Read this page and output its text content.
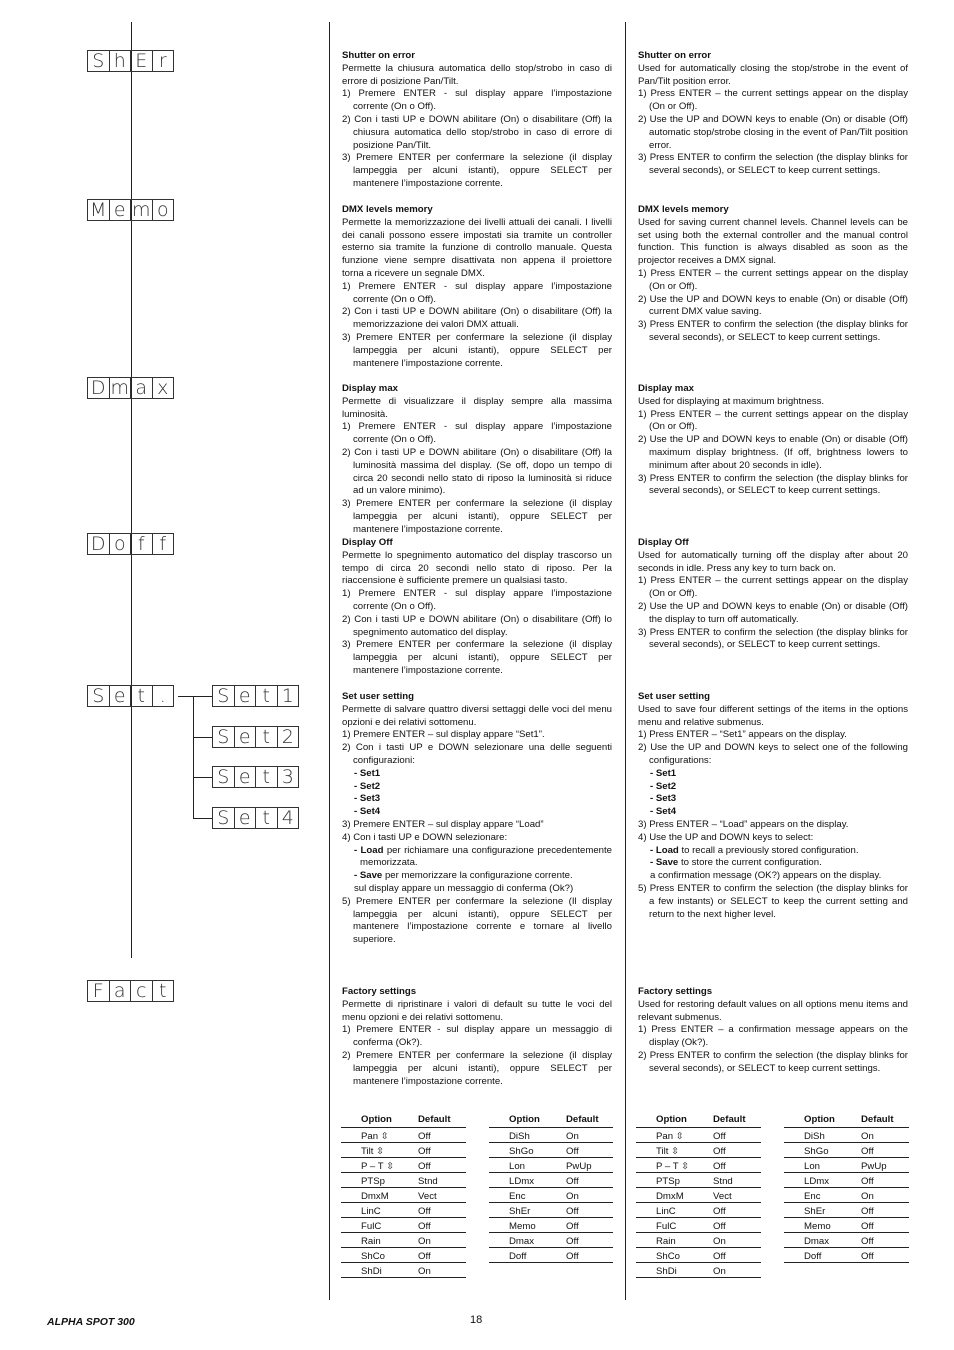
S h E r
M e m o
D m a x
D o f f
S e t .	S e t 1
S e t 2
S e t 3
S e t 4
F a c t
Shutter on error
Permette la chiusura automatica dello stop/strobo in caso di errore di posizione Pan/Tilt.
1) Premere ENTER - sul display appare l’impostazione corrente (On o Off).
2) Con i tasti UP e DOWN abilitare (On) o disabilitare (Off) la chiusura automatica dello stop/strobo in caso di errore di posizione Pan/Tilt.
3) Premere ENTER per confermare la selezione (il display lampeggia per alcuni istanti), oppure SELECT per mantenere l’impostazione corrente.
DMX levels memory
Permette la memorizzazione dei livelli attuali dei canali. I livelli dei canali possono essere impostati sia tramite un controller esterno sia tramite la funzione di controllo manuale. Questa funzione viene sempre disattivata non appena il proiettore torna a ricevere un segnale DMX.
1) Premere ENTER - sul display appare l’impostazione corrente (On o Off).
2) Con i tasti UP e DOWN abilitare (On) o disabilitare (Off) la memorizzazione dei valori DMX attuali.
3) Premere ENTER per confermare la selezione (il display lampeggia per alcuni istanti), oppure SELECT per mantenere l’impostazione corrente.
Display max
Permette di visualizzare il display sempre alla massima luminosità.
1) Premere ENTER - sul display appare l’impostazione corrente (On o Off).
2) Con i tasti UP e DOWN abilitare (On) o disabilitare (Off) la luminosità massima del display. (Se off, dopo un tempo di circa 20 secondi nello stato di riposo la luminosità si riduce ad un valore minimo).
3) Premere ENTER per confermare la selezione (il display lampeggia per alcuni istanti), oppure SELECT per mantenere l’impostazione corrente.
Display Off
Permette lo spegnimento automatico del display trascorso un tempo di circa 20 secondi nello stato di riposo. Per la riaccensione è sufficiente premere un qualsiasi tasto.
1) Premere ENTER - sul display appare l’impostazione corrente (On o Off).
2) Con i tasti UP e DOWN abilitare (On) o disabilitare (Off) lo spegnimento automatico del display.
3) Premere ENTER per confermare la selezione (il display lampeggia per alcuni istanti), oppure SELECT per mantenere l’impostazione corrente.
Set user setting
Permette di salvare quattro diversi settaggi delle voci del menu opzioni e dei relativi sottomenu.
1) Premere ENTER – sul display appare “Set1”.
2) Con i tasti UP e DOWN selezionare una delle seguenti configurazioni:
- Set1
- Set2
- Set3
- Set4
3) Premere ENTER – sul display appare “Load”
4) Con i tasti UP e DOWN selezionare:
- Load per richiamare una configurazione precedentemente memorizzata.
- Save per memorizzare la configurazione corrente.
sul display appare un messaggio di conferma (Ok?)
5) Premere ENTER per confermare la selezione (Il display lampeggia per alcuni istanti), oppure SELECT per mantenere l’impostazione corrente e tornare al livello superiore.
Factory settings
Permette di ripristinare i valori di default su tutte le voci del menu opzioni e dei relativi sottomenu.
1) Premere ENTER - sul display appare un messaggio di conferma (Ok?).
2) Premere ENTER per confermare la selezione (il display lampeggia per alcuni istanti), oppure SELECT per mantenere l’impostazione corrente.
Shutter on error
Used for automatically closing the stop/strobe in the event of Pan/Tilt position error.
1) Press ENTER – the current settings appear on the display (On or Off).
2) Use the UP and DOWN keys to enable (On) or disable (Off) automatic stop/strobe closing in the event of Pan/Tilt position error.
3) Press ENTER to confirm the selection (the display blinks for several seconds), or SELECT to keep current settings.
DMX levels memory
Used for saving current channel levels. Channel levels can be set using both the external controller and the manual control function. This function is always disabled as soon as the projector receives a DMX signal.
1) Press ENTER – the current settings appear on the display (On or Off).
2) Use the UP and DOWN keys to enable (On) or disable (Off) current DMX value saving.
3) Press ENTER to confirm the selection (the display blinks for several seconds), or SELECT to keep current settings.
Display max
Used for displaying at maximum brightness.
1) Press ENTER – the current settings appear on the display (On or Off).
2) Use the UP and DOWN keys to enable (On) or disable (Off) maximum display brightness. (If off, brightness lowers to minimum after about 20 seconds in idle).
3) Press ENTER to confirm the selection (the display blinks for several seconds), or SELECT to keep current settings.
Display Off
Used for automatically turning off the display after about 20 seconds in idle. Press any key to turn back on.
1) Press ENTER – the current settings appear on the display (On or Off).
2) Use the UP and DOWN keys to enable (On) or disable (Off) the display to turn off automatically.
3) Press ENTER to confirm the selection (the display blinks for several seconds), or SELECT to keep current settings.
Set user setting
Used to save four different settings of the items in the options menu and relative submenus.
1) Press ENTER – “Set1” appears on the display.
2) Use the UP and DOWN keys to select one of the following configurations:
- Set1
- Set2
- Set3
- Set4
3) Press ENTER – “Load” appears on the display.
4) Use the UP and DOWN keys to select:
- Load to recall a previously stored configuration.
- Save to store the current configuration.
a confirmation message (OK?) appears on the display.
5) Press ENTER to confirm the selection (the display blinks for a few instants) or SELECT to keep the current setting and return to the next higher level.
Factory settings
Used for restoring default values on all options menu items and relevant submenus.
1) Press ENTER – a confirmation message appears on the display (Ok?).
2) Press ENTER to confirm the selection (the display blinks for several seconds), or SELECT to keep current settings.
Option	Default
Pan ⇳	Off
Tilt ⇳	Off
P – T ⇳	Off
PTSp	Stnd
DmxM	Vect
LinC	Off
FulC	Off
Rain	On
ShCo	Off
ShDi	On
Option	Default
DiSh	On
ShGo	Off
Lon	PwUp
LDmx	Off
Enc	On
ShEr	Off
Memo	Off
Dmax	Off
Doff	Off
Option	Default
Pan ⇳	Off
Tilt ⇳	Off
P – T ⇳	Off
PTSp	Stnd
DmxM	Vect
LinC	Off
FulC	Off
Rain	On
ShCo	Off
ShDi	On
Option	Default
DiSh	On
ShGo	Off
Lon	PwUp
LDmx	Off
Enc	On
ShEr	Off
Memo	Off
Dmax	Off
Doff	Off
ALPHA SPOT 300	18
